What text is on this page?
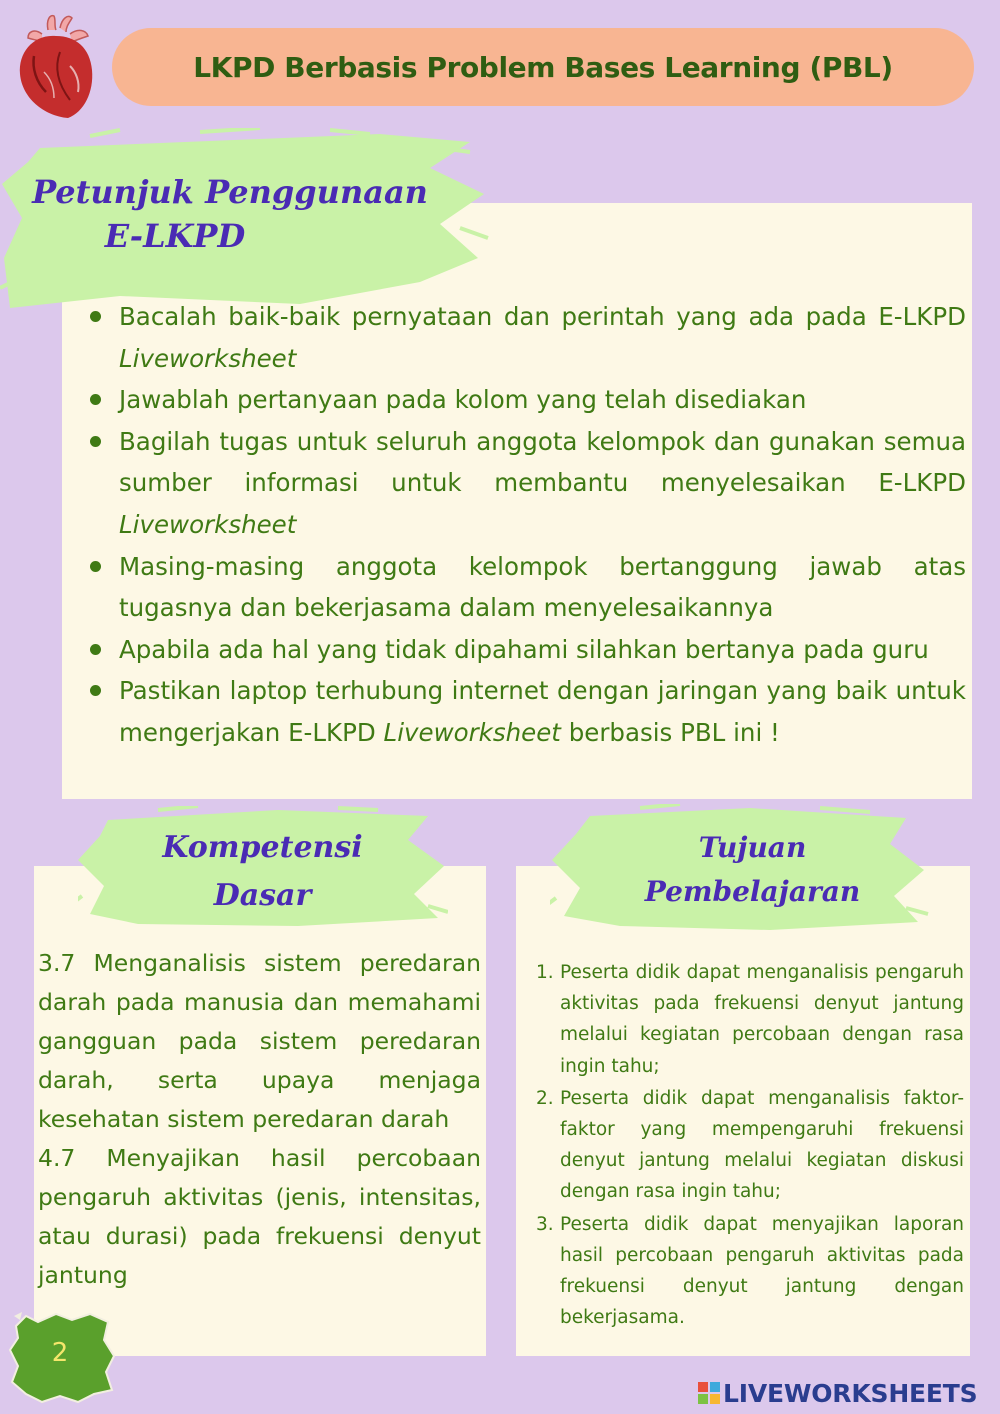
LKPD Berbasis Problem Bases Learning (PBL)
Petunjuk Penggunaan
E-LKPD
Bacalah baik-baik pernyataan dan perintah yang ada pada E-LKPD Liveworksheet
Jawablah pertanyaan pada kolom yang telah disediakan
Bagilah tugas untuk seluruh anggota kelompok dan gunakan semua sumber informasi untuk membantu menyelesaikan E-LKPD Liveworksheet
Masing-masing anggota kelompok bertanggung jawab atas tugasnya dan bekerjasama dalam menyelesaikannya
Apabila ada hal yang tidak dipahami silahkan bertanya pada guru
Pastikan laptop terhubung internet dengan jaringan yang baik untuk mengerjakan E-LKPD Liveworksheet berbasis PBL ini !
Kompetensi
Dasar

3.7 Menganalisis sistem peredaran darah pada manusia dan memahami gangguan pada sistem peredaran darah, serta upaya menjaga kesehatan sistem peredaran darah

4.7 Menyajikan hasil percobaan pengaruh aktivitas (jenis, intensitas, atau durasi) pada frekuensi denyut jantung

Tujuan
Pembelajaran
1. Peserta didik dapat menganalisis pengaruh aktivitas pada frekuensi denyut jantung melalui kegiatan percobaan dengan rasa ingin tahu;
2. Peserta didik dapat menganalisis faktor-faktor yang mempengaruhi frekuensi denyut jantung melalui kegiatan diskusi dengan rasa ingin tahu;
3. Peserta didik dapat menyajikan laporan hasil percobaan pengaruh aktivitas pada frekuensi denyut jantung dengan bekerjasama.
2
LIVEWORKSHEETS
